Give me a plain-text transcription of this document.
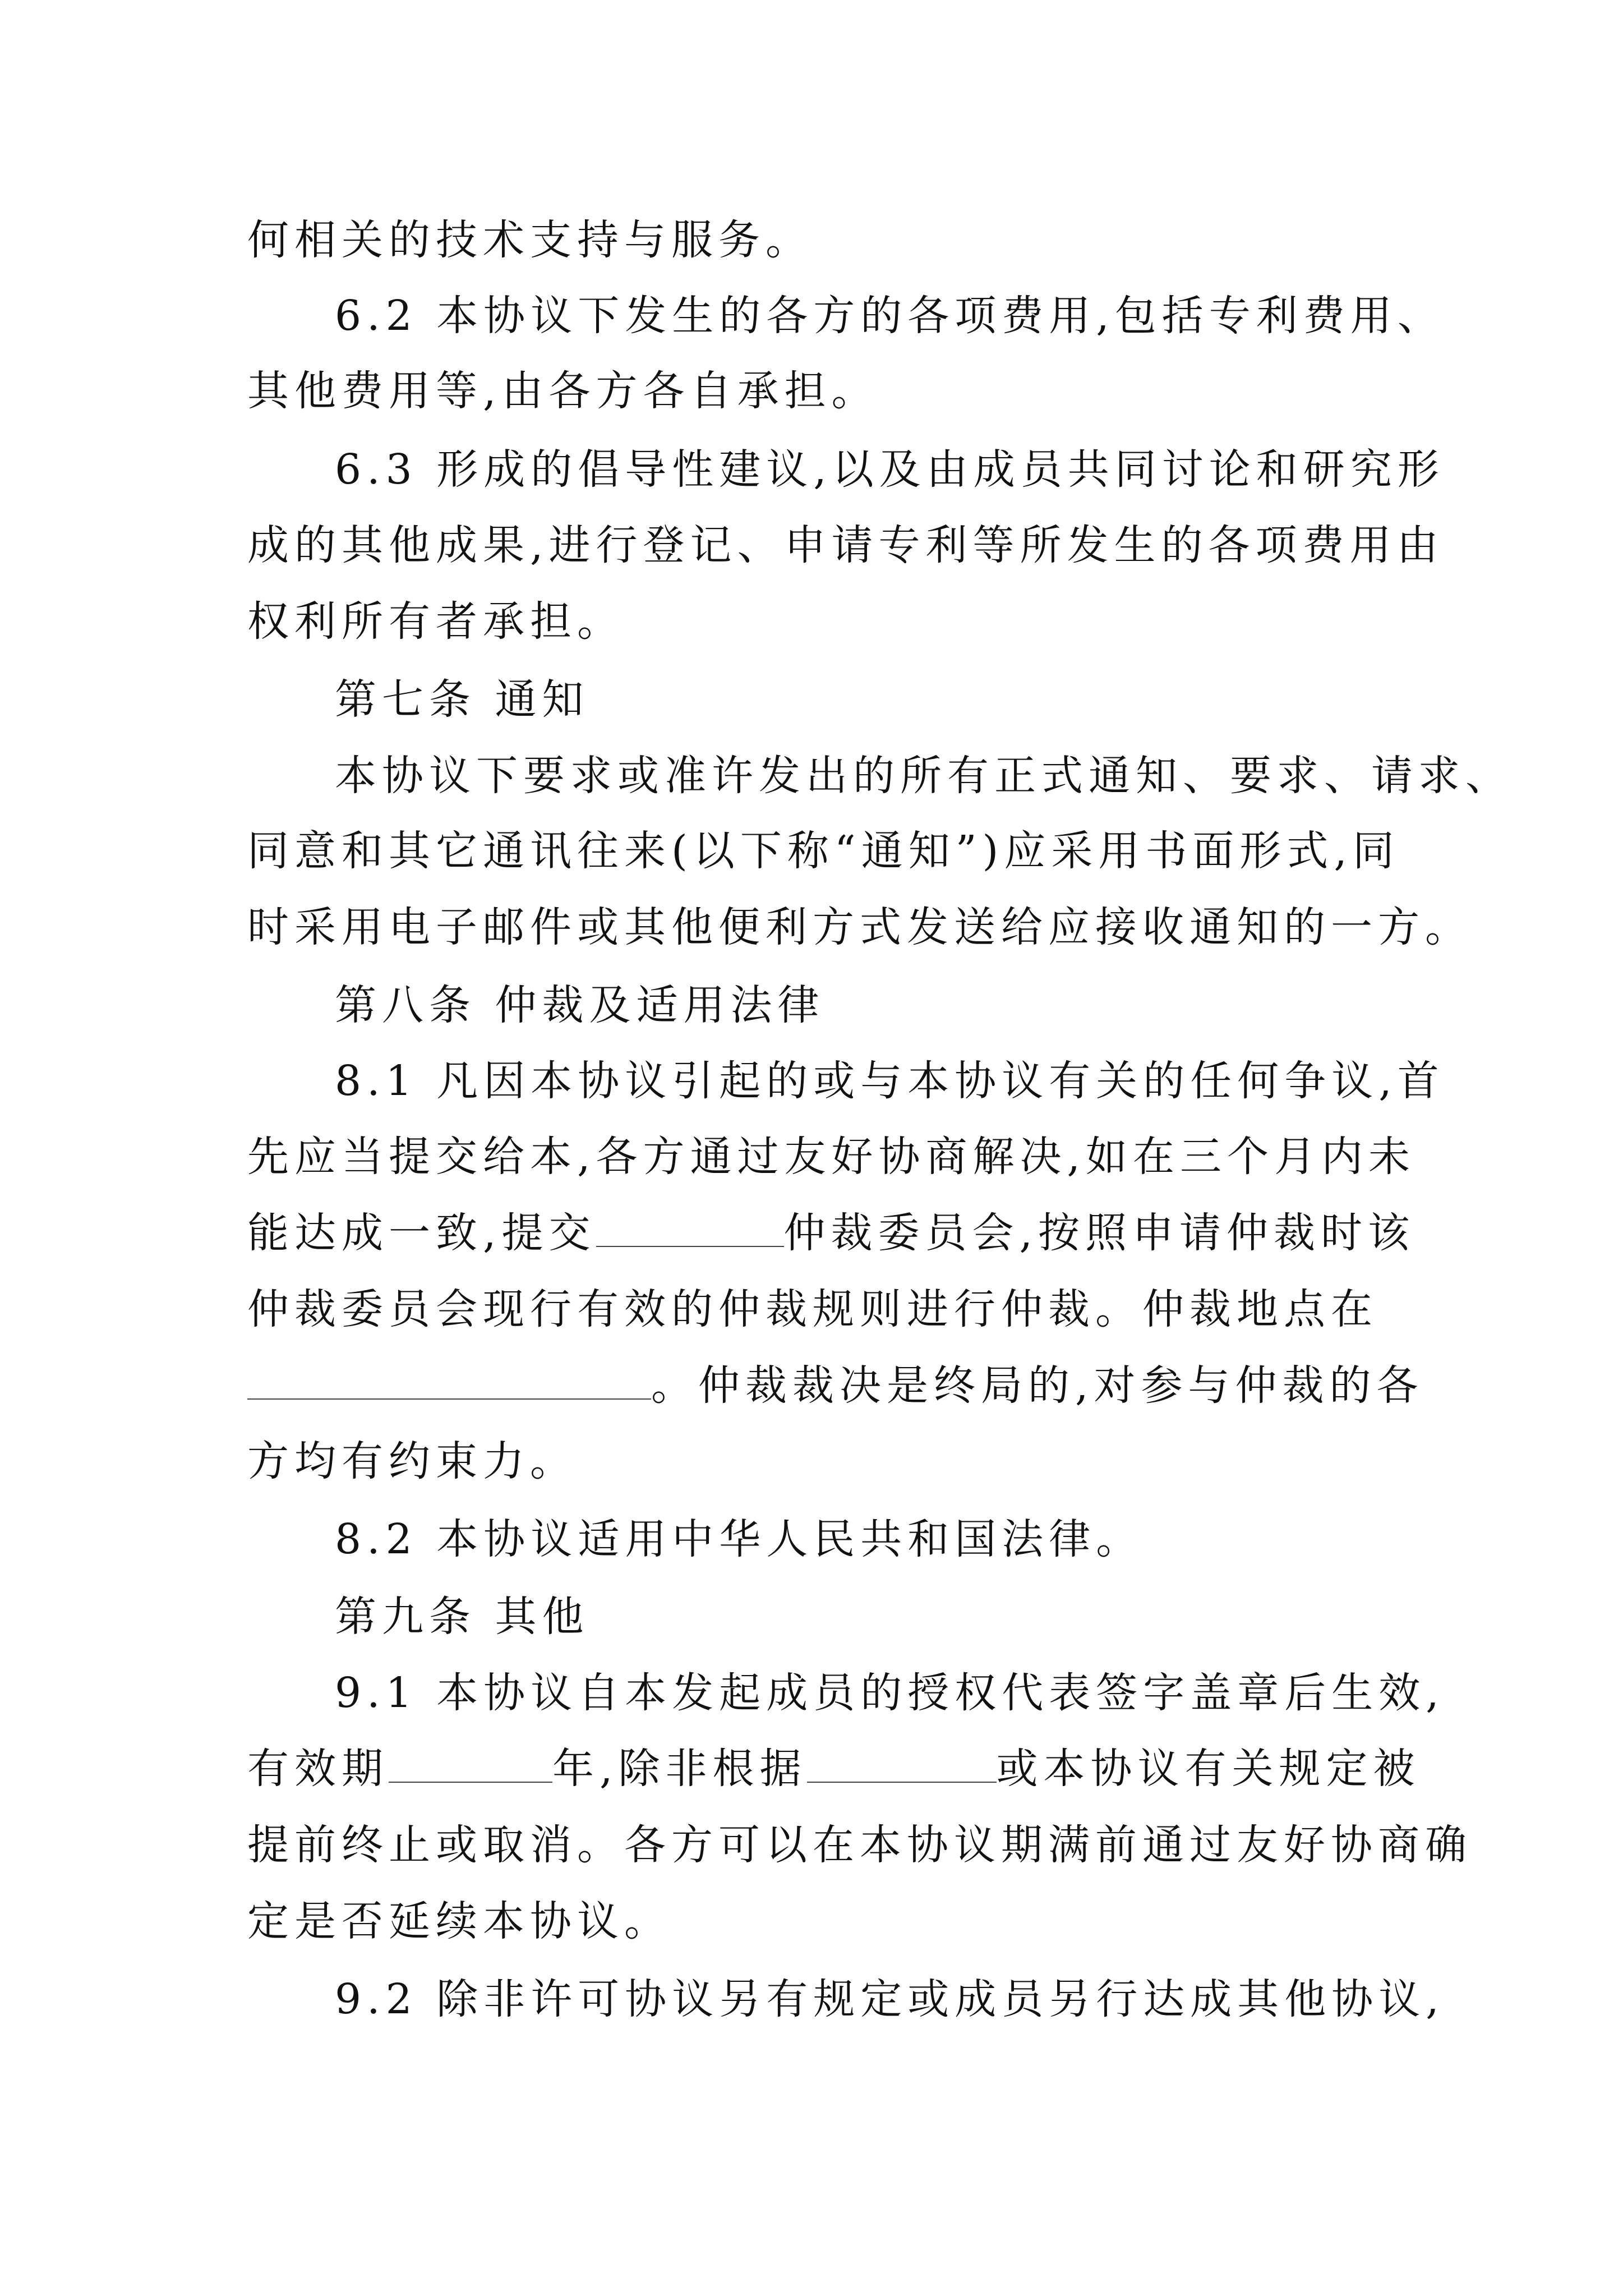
何相关的技术支持与服务。
6.2 本协议下发生的各方的各项费用,包括专利费用、
其他费用等,由各方各自承担。
6.3 形成的倡导性建议,以及由成员共同讨论和研究形
成的其他成果,进行登记、申请专利等所发生的各项费用由
权利所有者承担。
第七条 通知
本协议下要求或准许发出的所有正式通知、要求、请求、
同意和其它通讯往来(以下称“通知”)应采用书面形式,同
时采用电子邮件或其他便利方式发送给应接收通知的一方。
第八条 仲裁及适用法律
8.1 凡因本协议引起的或与本协议有关的任何争议,首
先应当提交给本,各方通过友好协商解决,如在三个月内未
能达成一致,提交	仲裁委员会,按照申请仲裁时该
仲裁委员会现行有效的仲裁规则进行仲裁。仲裁地点在
。仲裁裁决是终局的,对参与仲裁的各
方均有约束力。
8.2 本协议适用中华人民共和国法律。
第九条 其他
9.1 本协议自本发起成员的授权代表签字盖章后生效,
有效期	年,除非根据	或本协议有关规定被
提前终止或取消。各方可以在本协议期满前通过友好协商确
定是否延续本协议。
9.2 除非许可协议另有规定或成员另行达成其他协议,
